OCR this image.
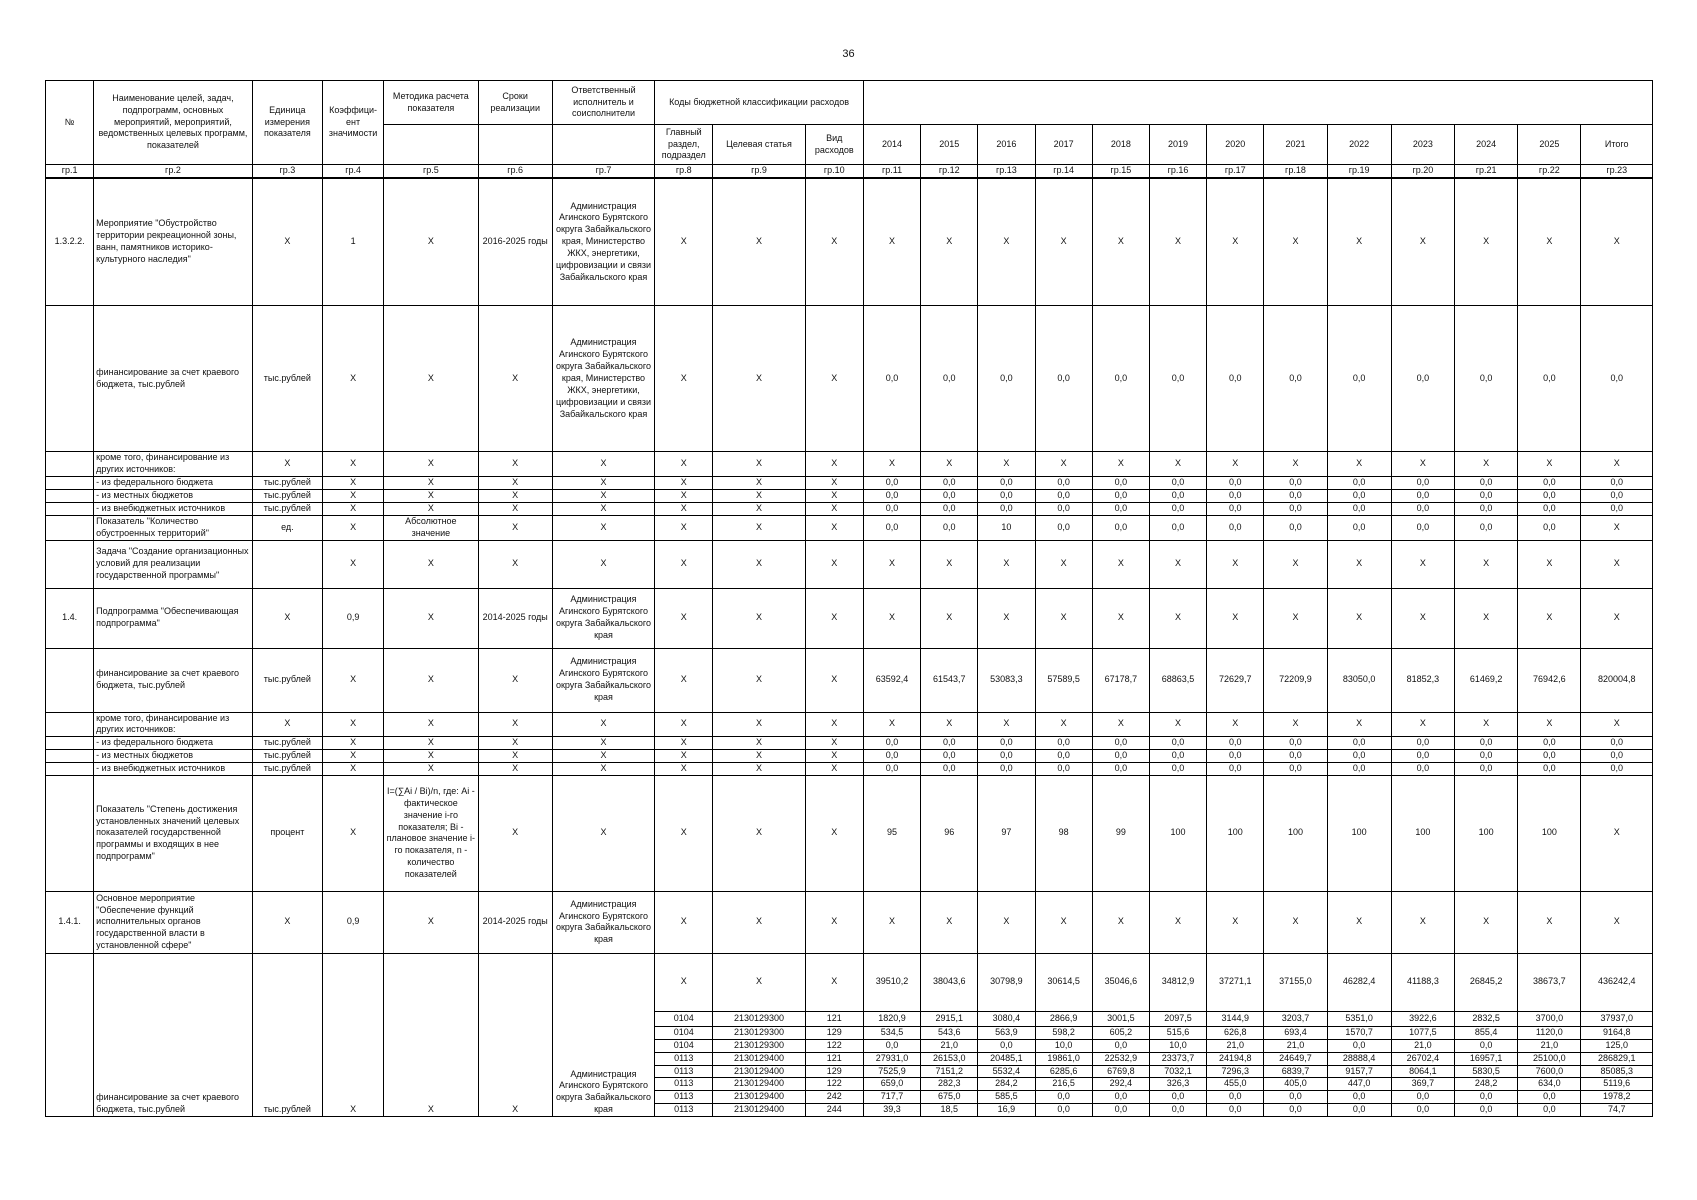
36
№	Наименование целей, задач, подпрограмм, основных мероприятий, мероприятий, ведомственных целевых программ, показателей	Единица измерения показателя	Коэффици-ент значимости	Методика расчета показателя	Сроки реализации	Ответственный исполнитель и соисполнители	Коды бюджетной классификации расходов															
							Главный раздел, подраздел	Целевая статья	Вид расходов	2014	2015	2016	2017	2018	2019	2020	2021	2022	2023	2024	2025	Итого
гр.1	гр.2	гр.3	гр.4	гр.5	гр.6	гр.7	гр.8	гр.9	гр.10	гр.11	гр.12	гр.13	гр.14	гр.15	гр.16	гр.17	гр.18	гр.19	гр.20	гр.21	гр.22	гр.23
1.3.2.2.	Мероприятие "Обустройство территории рекреационной зоны, ванн, памятников историко-культурного наследия"	X	1	X	2016-2025 годы	Администрация Агинского Бурятского округа Забайкальского края, Министерство ЖКХ, энергетики, цифровизации и связи Забайкальского края	X	X	X	X	X	X	X	X	X	X	X	X	X	X	X	X
	финансирование за счет краевого бюджета, тыс.рублей	тыс.рублей	X	X	X	Администрация Агинского Бурятского округа Забайкальского края, Министерство ЖКХ, энергетики, цифровизации и связи Забайкальского края	X	X	X	0,0	0,0	0,0	0,0	0,0	0,0	0,0	0,0	0,0	0,0	0,0	0,0	0,0
	кроме того, финансирование из других источников:	X	X	X	X	X	X	X	X	X	X	X	X	X	X	X	X	X	X	X	X	X
	- из федерального бюджета	тыс.рублей	X	X	X	X	X	X	X	0,0	0,0	0,0	0,0	0,0	0,0	0,0	0,0	0,0	0,0	0,0	0,0	0,0
	- из местных бюджетов	тыс.рублей	X	X	X	X	X	X	X	0,0	0,0	0,0	0,0	0,0	0,0	0,0	0,0	0,0	0,0	0,0	0,0	0,0
	- из внебюджетных источников	тыс.рублей	X	X	X	X	X	X	X	0,0	0,0	0,0	0,0	0,0	0,0	0,0	0,0	0,0	0,0	0,0	0,0	0,0
	Показатель "Количество обустроенных территорий"	ед.	X	Абсолютное значение	X	X	X	X	X	0,0	0,0	10	0,0	0,0	0,0	0,0	0,0	0,0	0,0	0,0	0,0	X
	Задача "Создание организационных условий для реализации государственной программы"		X	X	X	X	X	X	X	X	X	X	X	X	X	X	X	X	X	X	X	X
1.4.	Подпрограмма "Обеспечивающая подпрограмма"	X	0,9	X	2014-2025 годы	Администрация Агинского Бурятского округа Забайкальского края	X	X	X	X	X	X	X	X	X	X	X	X	X	X	X	X
	финансирование за счет краевого бюджета, тыс.рублей	тыс.рублей	X	X	X	Администрация Агинского Бурятского округа Забайкальского края	X	X	X	63592,4	61543,7	53083,3	57589,5	67178,7	68863,5	72629,7	72209,9	83050,0	81852,3	61469,2	76942,6	820004,8
	кроме того, финансирование из других источников:	X	X	X	X	X	X	X	X	X	X	X	X	X	X	X	X	X	X	X	X	X
	- из федерального бюджета	тыс.рублей	X	X	X	X	X	X	X	0,0	0,0	0,0	0,0	0,0	0,0	0,0	0,0	0,0	0,0	0,0	0,0	0,0
	- из местных бюджетов	тыс.рублей	X	X	X	X	X	X	X	0,0	0,0	0,0	0,0	0,0	0,0	0,0	0,0	0,0	0,0	0,0	0,0	0,0
	- из внебюджетных источников	тыс.рублей	X	X	X	X	X	X	X	0,0	0,0	0,0	0,0	0,0	0,0	0,0	0,0	0,0	0,0	0,0	0,0	0,0
	Показатель "Степень достижения установленных значений целевых показателей государственной программы и входящих в нее подпрограмм"	процент	X	I=(∑Ai / Bi)/n, где: Ai - фактическое значение i-го показателя; Bi - плановое значение i-го показателя, n - количество показателей	X	X	X	X	X	95	96	97	98	99	100	100	100	100	100	100	100	X
1.4.1.	Основное мероприятие "Обеспечение функций исполнительных органов государственной власти в установленной сфере"	X	0,9	X	2014-2025 годы	Администрация Агинского Бурятского округа Забайкальского края	X	X	X	X	X	X	X	X	X	X	X	X	X	X	X	X
	финансирование за счет краевого бюджета, тыс.рублей	тыс.рублей	X	X	X	Администрация Агинского Бурятского округа Забайкальского края	X	X	X	39510,2	38043,6	30798,9	30614,5	35046,6	34812,9	37271,1	37155,0	46282,4	41188,3	26845,2	38673,7	436242,4
							0104	2130129300	121	1820,9	2915,1	3080,4	2866,9	3001,5	2097,5	3144,9	3203,7	5351,0	3922,6	2832,5	3700,0	37937,0
							0104	2130129300	129	534,5	543,6	563,9	598,2	605,2	515,6	626,8	693,4	1570,7	1077,5	855,4	1120,0	9164,8
							0104	2130129300	122	0,0	21,0	0,0	10,0	0,0	10,0	21,0	21,0	0,0	21,0	0,0	21,0	125,0
							0113	2130129400	121	27931,0	26153,0	20485,1	19861,0	22532,9	23373,7	24194,8	24649,7	28888,4	26702,4	16957,1	25100,0	286829,1
							0113	2130129400	129	7525,9	7151,2	5532,4	6285,6	6769,8	7032,1	7296,3	6839,7	9157,7	8064,1	5830,5	7600,0	85085,3
							0113	2130129400	122	659,0	282,3	284,2	216,5	292,4	326,3	455,0	405,0	447,0	369,7	248,2	634,0	5119,6
							0113	2130129400	242	717,7	675,0	585,5	0,0	0,0	0,0	0,0	0,0	0,0	0,0	0,0	0,0	1978,2
							0113	2130129400	244	39,3	18,5	16,9	0,0	0,0	0,0	0,0	0,0	0,0	0,0	0,0	0,0	74,7
